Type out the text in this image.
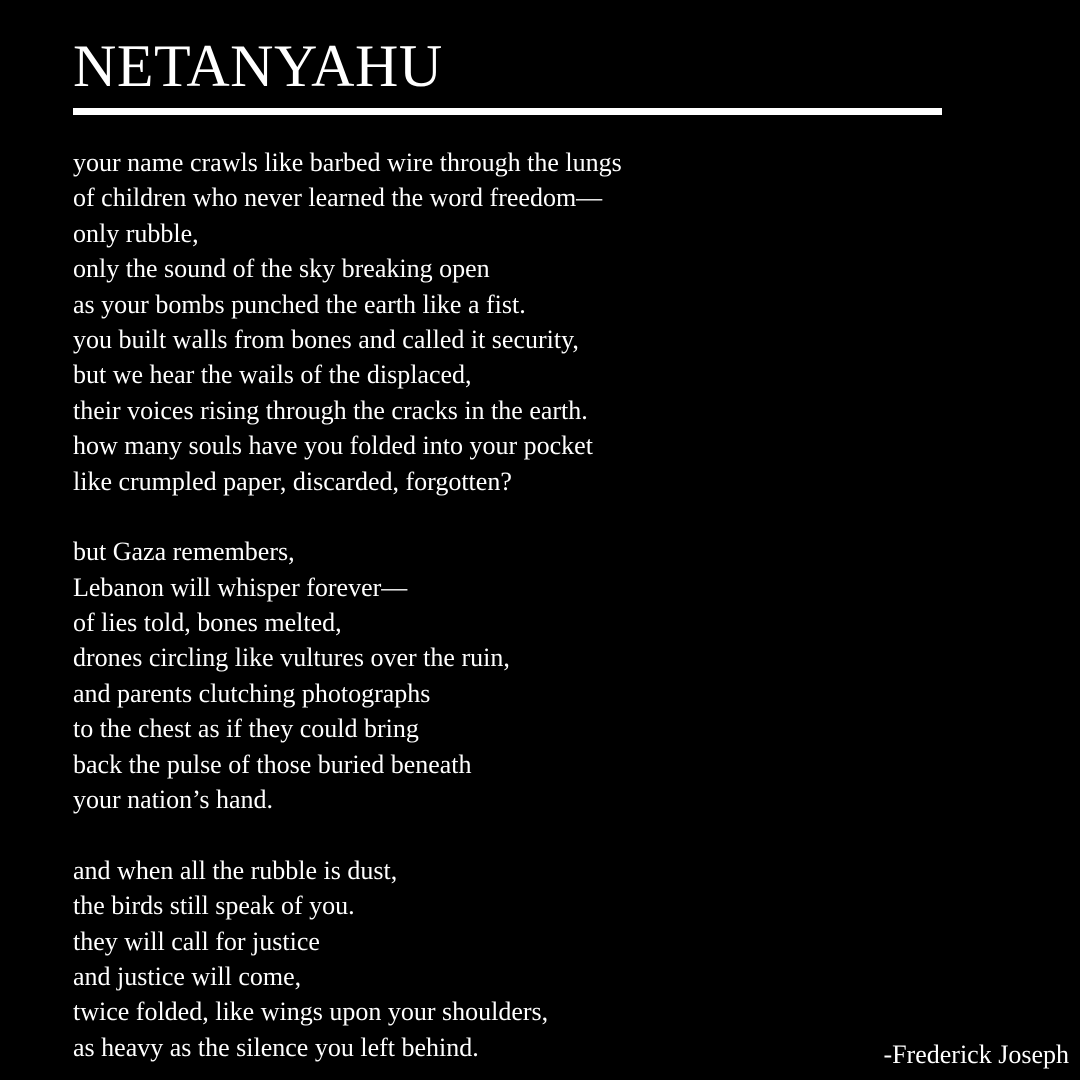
NETANYAHU
your name crawls like barbed wire through the lungs
of children who never learned the word freedom—
only rubble,
only the sound of the sky breaking open
as your bombs punched the earth like a fist.
you built walls from bones and called it security,
but we hear the wails of the displaced,
their voices rising through the cracks in the earth.
how many souls have you folded into your pocket
like crumpled paper, discarded, forgotten?
but Gaza remembers,
Lebanon will whisper forever—
of lies told, bones melted,
drones circling like vultures over the ruin,
and parents clutching photographs
to the chest as if they could bring
back the pulse of those buried beneath
your nation’s hand.
and when all the rubble is dust,
the birds still speak of you.
they will call for justice
and justice will come,
twice folded, like wings upon your shoulders,
as heavy as the silence you left behind.	-Frederick Joseph
